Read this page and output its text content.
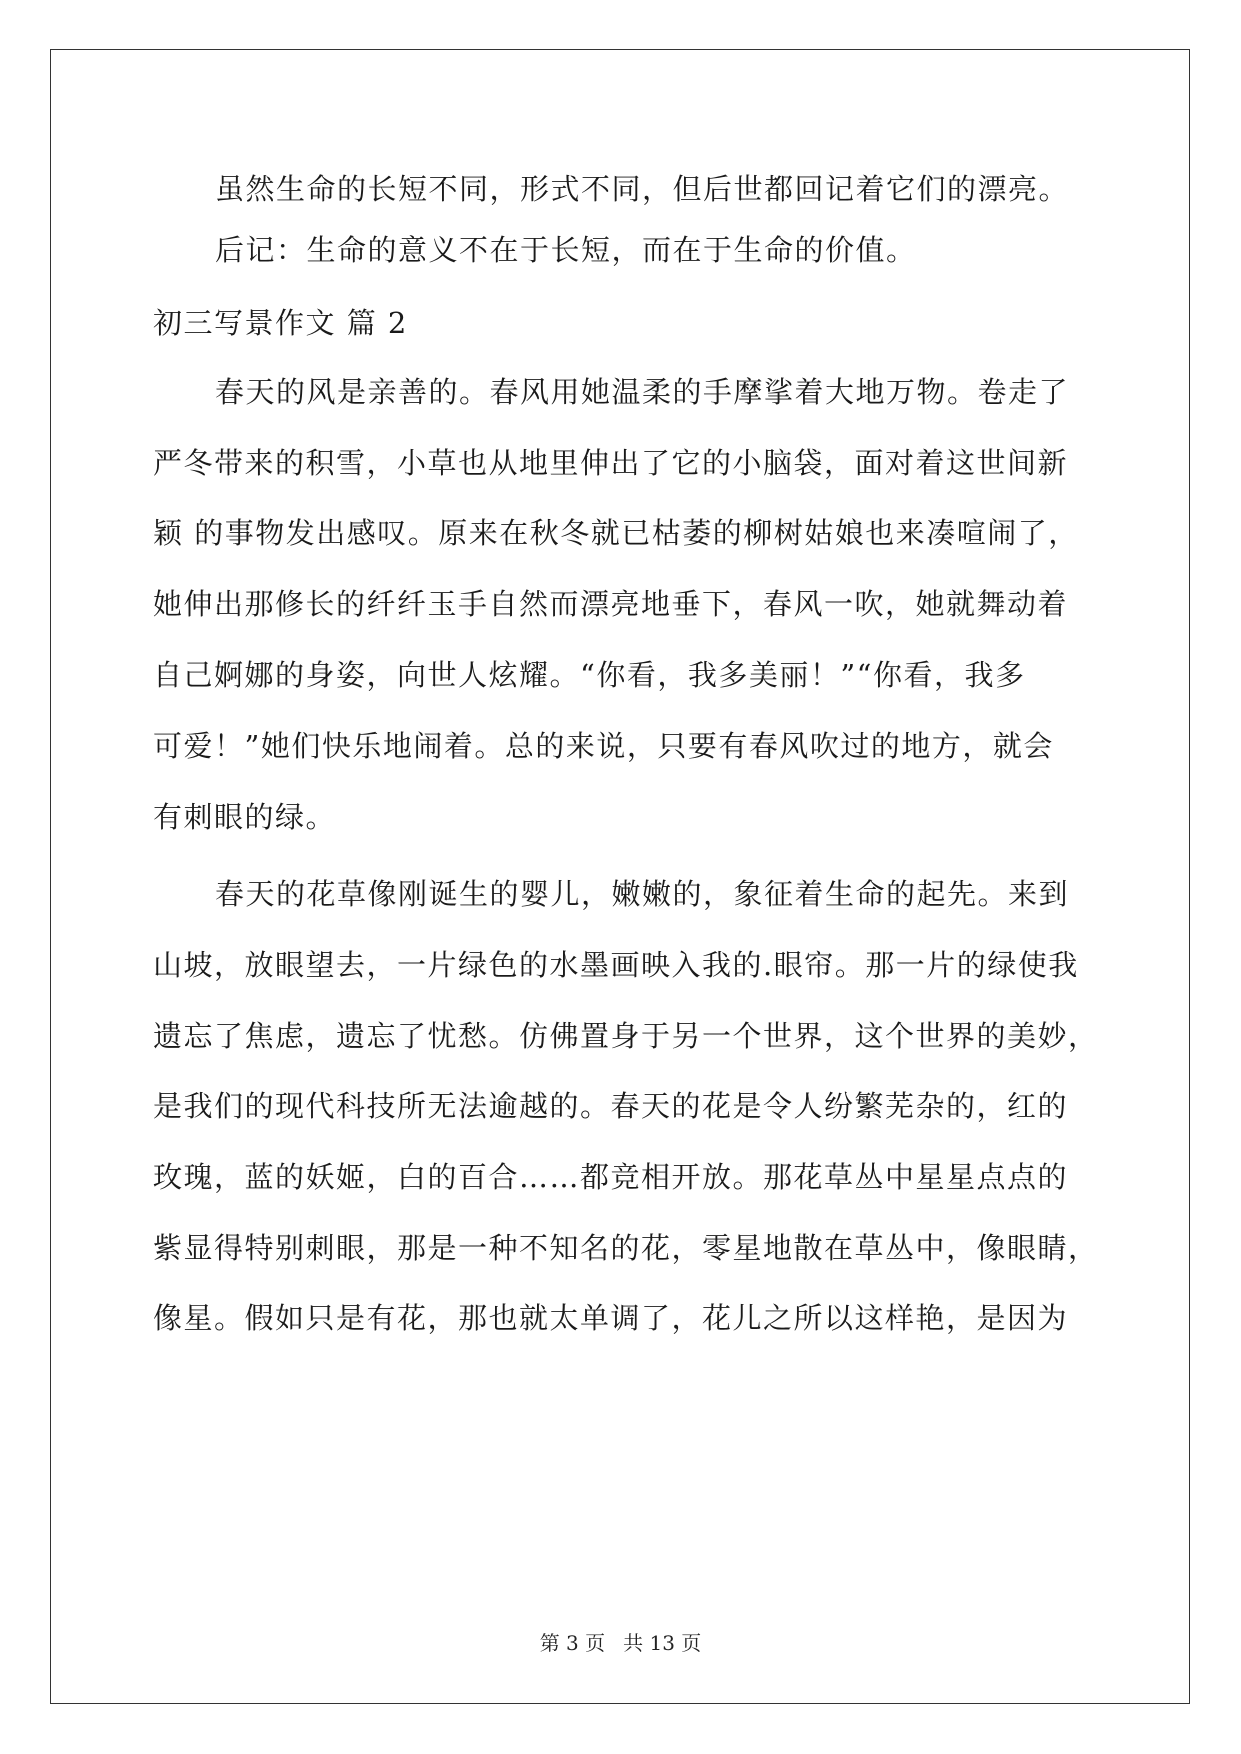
虽然生命的长短不同，形式不同，但后世都回记着它们的漂亮。
后记：生命的意义不在于长短，而在于生命的价值。
初三写景作文 篇 2
春天的风是亲善的。春风用她温柔的手摩挲着大地万物。卷走了
严冬带来的积雪，小草也从地里伸出了它的小脑袋，面对着这世间新
颖 的事物发出感叹。原来在秋冬就已枯萎的柳树姑娘也来凑喧闹了，
她伸出那修长的纤纤玉手自然而漂亮地垂下，春风一吹，她就舞动着
自己婀娜的身姿，向世人炫耀。“你看，我多美丽！”“你看，我多
可爱！”她们快乐地闹着。总的来说，只要有春风吹过的地方，就会
有刺眼的绿。
春天的花草像刚诞生的婴儿，嫩嫩的，象征着生命的起先。来到
山坡，放眼望去，一片绿色的水墨画映入我的.眼帘。那一片的绿使我
遗忘了焦虑，遗忘了忧愁。仿佛置身于另一个世界，这个世界的美妙，
是我们的现代科技所无法逾越的。春天的花是令人纷繁芜杂的，红的
玫瑰，蓝的妖姬，白的百合……都竞相开放。那花草丛中星星点点的
紫显得特别刺眼，那是一种不知名的花，零星地散在草丛中，像眼睛，
像星。假如只是有花，那也就太单调了，花儿之所以这样艳，是因为
第 3 页 共 13 页
